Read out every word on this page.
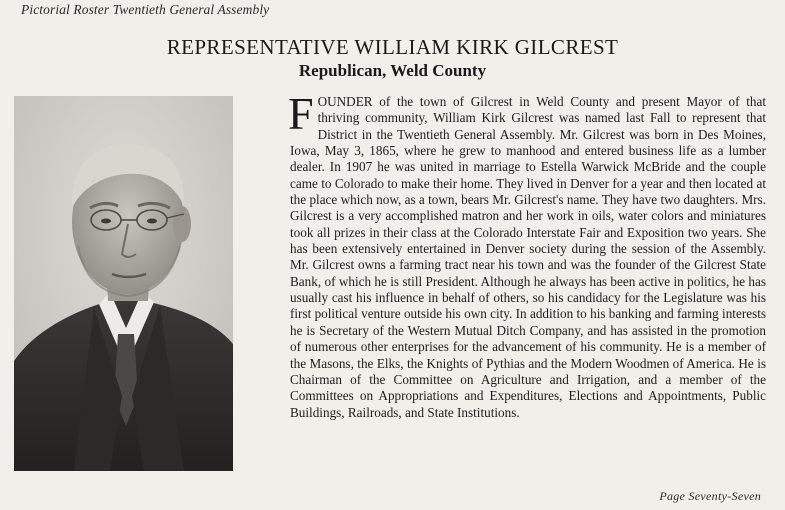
Pictorial Roster Twentieth General Assembly
REPRESENTATIVE WILLIAM KIRK GILCREST
Republican, Weld County
FOUNDER of the town of Gilcrest in Weld County and present Mayor of that thriving community, William Kirk Gilcrest was named last Fall to represent that District in the Twentieth General Assembly. Mr. Gilcrest was born in Des Moines, Iowa, May 3, 1865, where he grew to manhood and entered business life as a lumber dealer. In 1907 he was united in marriage to Estella Warwick McBride and the couple came to Colorado to make their home. They lived in Denver for a year and then located at the place which now, as a town, bears Mr. Gilcrest's name. They have two daughters. Mrs. Gilcrest is a very accomplished matron and her work in oils, water colors and miniatures took all prizes in their class at the Colorado Interstate Fair and Exposition two years. She has been extensively entertained in Denver society during the session of the Assembly. Mr. Gilcrest owns a farming tract near his town and was the founder of the Gilcrest State Bank, of which he is still President. Although he always has been active in politics, he has usually cast his influence in behalf of others, so his candidacy for the Legislature was his first political venture outside his own city. In addition to his banking and farming interests he is Secretary of the Western Mutual Ditch Company, and has assisted in the promotion of numerous other enterprises for the advancement of his community. He is a member of the Masons, the Elks, the Knights of Pythias and the Modern Woodmen of America. He is Chairman of the Committee on Agriculture and Irrigation, and a member of the Committees on Appropriations and Expenditures, Elections and Appointments, Public Buildings, Railroads, and State Institutions.
Page Seventy-Seven
